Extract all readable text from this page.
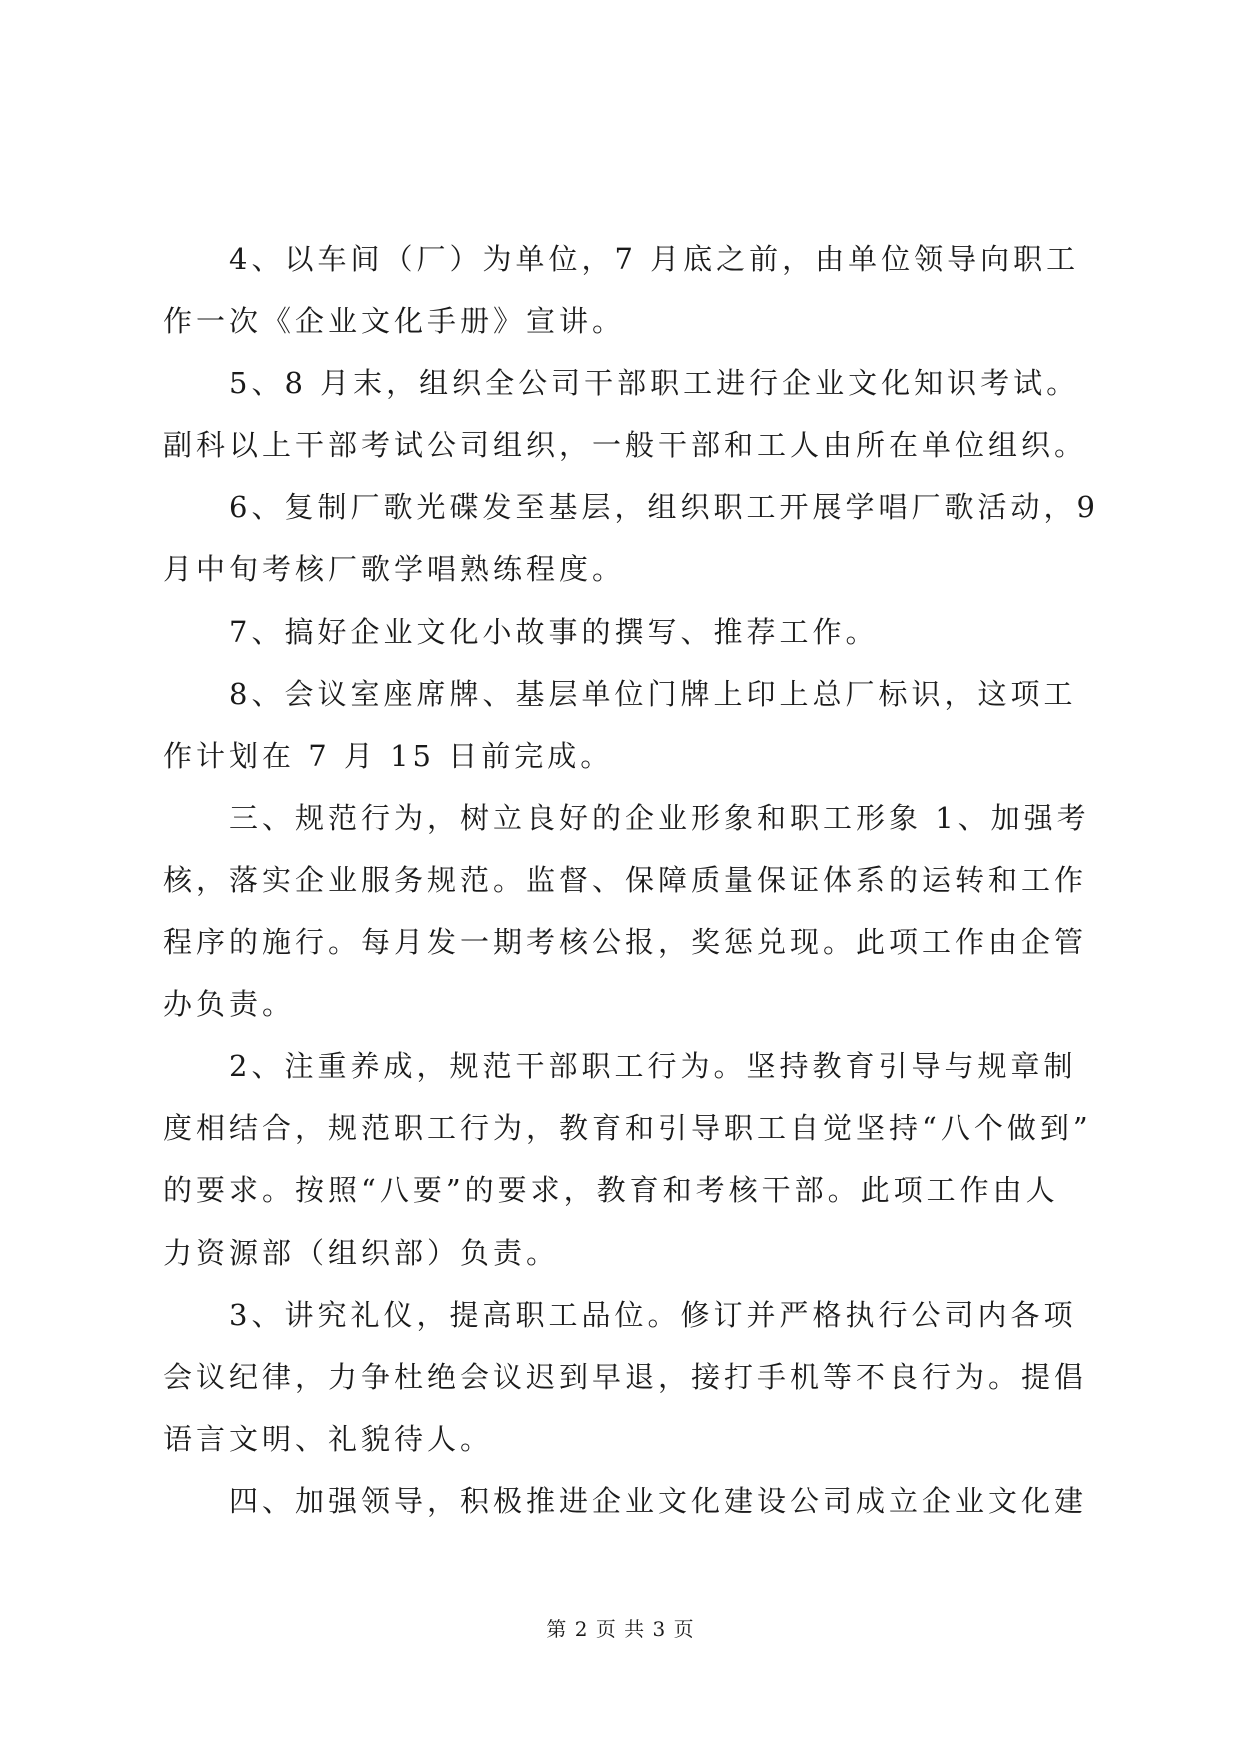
4、以车间（厂）为单位，7 月底之前，由单位领导向职工
作一次《企业文化手册》宣讲。
5、8 月末，组织全公司干部职工进行企业文化知识考试。
副科以上干部考试公司组织，一般干部和工人由所在单位组织。
6、复制厂歌光碟发至基层，组织职工开展学唱厂歌活动，9
月中旬考核厂歌学唱熟练程度。
7、搞好企业文化小故事的撰写、推荐工作。
8、会议室座席牌、基层单位门牌上印上总厂标识，这项工
作计划在 7 月 15 日前完成。
三、规范行为，树立良好的企业形象和职工形象 1、加强考
核，落实企业服务规范。监督、保障质量保证体系的运转和工作
程序的施行。每月发一期考核公报，奖惩兑现。此项工作由企管
办负责。
2、注重养成，规范干部职工行为。坚持教育引导与规章制
度相结合，规范职工行为，教育和引导职工自觉坚持“八个做到”
的要求。按照“八要”的要求，教育和考核干部。此项工作由人
力资源部（组织部）负责。
3、讲究礼仪，提高职工品位。修订并严格执行公司内各项
会议纪律，力争杜绝会议迟到早退，接打手机等不良行为。提倡
语言文明、礼貌待人。
四、加强领导，积极推进企业文化建设公司成立企业文化建
第 2 页 共 3 页
